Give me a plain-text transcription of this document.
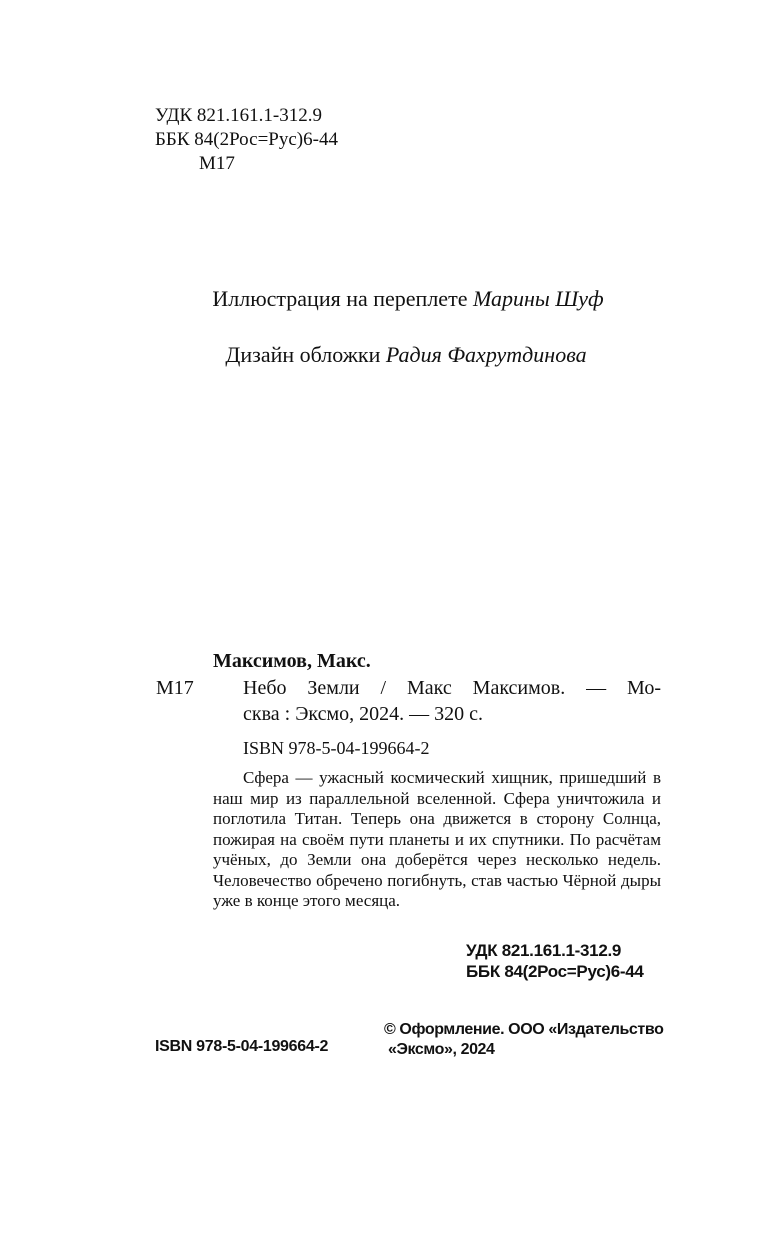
УДК 821.161.1-312.9
ББК 84(2Рос=Рус)6-44
М17
Иллюстрация на переплете Марины Шуф
Дизайн обложки Радия Фахрутдинова
Максимов, Макс.
М17 Небо Земли / Макс Максимов. — Мо-
сква : Эксмо, 2024. — 320 с.
ISBN 978-5-04-199664-2
Сфера — ужасный космический хищник, пришедший в наш мир из параллельной вселенной. Сфера уничтожила и поглотила Титан. Теперь она движется в сторону Солнца, пожирая на своём пути планеты и их спутники. По расчётам учёных, до Земли она доберётся через несколько недель. Человечество обречено погибнуть, став частью Чёрной дыры уже в конце этого месяца.
УДК 821.161.1-312.9
ББК 84(2Рос=Рус)6-44
© Оформление. ООО «Издательство
«Эксмо», 2024
ISBN 978-5-04-199664-2
